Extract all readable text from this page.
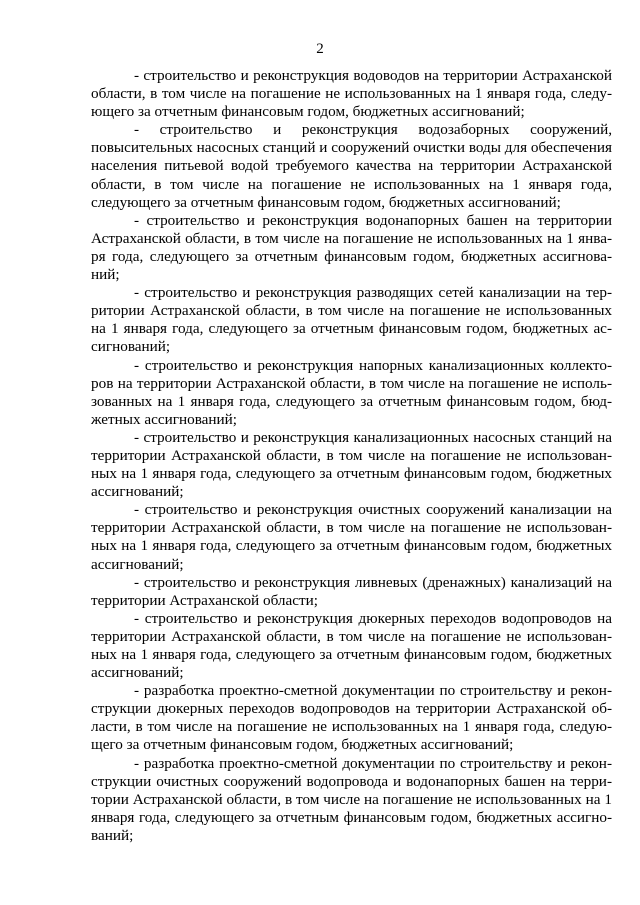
2

- строительство и реконструкция водоводов на территории Астраханской области, в том числе на погашение не использованных на 1 января года, следующего за отчетным финансовым годом, бюджетных ассигнований;

- строительство и реконструкция водозаборных сооружений, повысительных насосных станций и сооружений очистки воды для обеспечения населения питьевой водой требуемого качества на территории Астраханской области, в том числе на погашение не использованных на 1 января года, следующего за отчетным финансовым годом, бюджетных ассигнований;

- строительство и реконструкция водонапорных башен на территории Астраханской области, в том числе на погашение не использованных на 1 января года, следующего за отчетным финансовым годом, бюджетных ассигнований;

- строительство и реконструкция разводящих сетей канализации на территории Астраханской области, в том числе на погашение не использованных на 1 января года, следующего за отчетным финансовым годом, бюджетных ассигнований;

- строительство и реконструкция напорных канализационных коллекторов на территории Астраханской области, в том числе на погашение не использованных на 1 января года, следующего за отчетным финансовым годом, бюджетных ассигнований;

- строительство и реконструкция канализационных насосных станций на территории Астраханской области, в том числе на погашение не использованных на 1 января года, следующего за отчетным финансовым годом, бюджетных ассигнований;

- строительство и реконструкция очистных сооружений канализации на территории Астраханской области, в том числе на погашение не использованных на 1 января года, следующего за отчетным финансовым годом, бюджетных ассигнований;

- строительство и реконструкция ливневых (дренажных) канализаций на территории Астраханской области;

- строительство и реконструкция дюкерных переходов водопроводов на территории Астраханской области, в том числе на погашение не использованных на 1 января года, следующего за отчетным финансовым годом, бюджетных ассигнований;

- разработка проектно-сметной документации по строительству и реконструкции дюкерных переходов водопроводов на территории Астраханской области, в том числе на погашение не использованных на 1 января года, следующего за отчетным финансовым годом, бюджетных ассигнований;

- разработка проектно-сметной документации по строительству и реконструкции очистных сооружений водопровода и водонапорных башен на территории Астраханской области, в том числе на погашение не использованных на 1 января года, следующего за отчетным финансовым годом, бюджетных ассигнований;
